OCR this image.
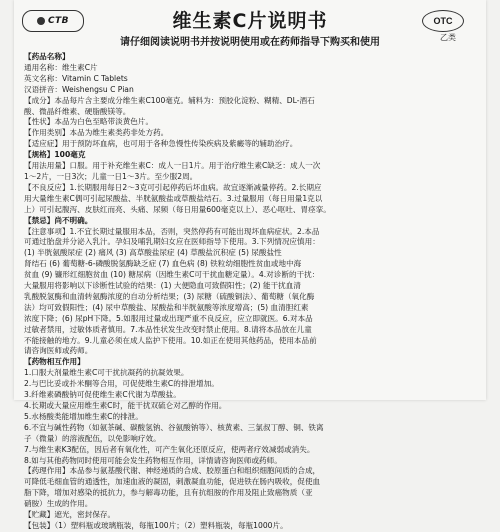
CTB	维生素C片说明书
请仔细阅读说明书并按说明使用或在药师指导下购买和使用
OTC
乙类

【药品名称】

通用名称：维生素C片

英文名称：Vitamin C Tablets

汉语拼音：Weishengsu C Pian

【成分】本品每片含主要成分维生素C100毫克。辅料为：预胶化淀粉、糊精、DL-酒石

酸、微晶纤维素、硬脂酸镁等。

【性状】本品为白色至略带淡黄色片。

【作用类别】本品为维生素类药非处方药。

【适应症】用于预防坏血病，也可用于各种急慢性传染疾病及紫癜等的辅助治疗。

【规格】100毫克

【用法用量】口服。用于补充维生素C：成人一日1片。用于治疗维生素C缺乏：成人一次

1～2片，一日3次；儿童一日1～3片。至少服2周。

【不良反应】1.长期服用每日2～3克可引起停药后坏血病。故宜逐渐减量停药。2.长期应

用大量维生素C偶可引起尿酸盐、半胱氨酸盐或草酸盐结石。3.过量服用（每日用量1克以

上）可引起腹泻、皮肤红而亮、头痛、尿频（每日用量600毫克以上）、恶心呕吐、胃痉挛。

【禁忌】尚不明确。

【注意事项】1.不宜长期过量服用本品，否则，突然停药有可能出现坏血病症状。2.本品

可通过胎盘并分泌入乳汁。孕妇及哺乳期妇女应在医师指导下使用。3.下列情况应慎用：

(1) 半胱氨酸尿症 (2) 痛风 (3) 高草酸盐尿症 (4) 草酸盐沉积症 (5) 尿酸盐性

肾结石 (6) 葡萄糖-6-磷酸脱氢酶缺乏症 (7) 血色病 (8) 铁粒幼细胞性贫血或地中海

贫血 (9) 镰形红细胞贫血 (10) 糖尿病（因维生素C可干扰血糖定量）。4.对诊断的干扰：

大量服用将影响以下诊断性试验的结果：(1) 大便隐血可致假阳性；(2) 能干扰血清

乳酸脱氢酶和血清转氨酶浓度的自动分析结果；(3) 尿糖（硫酸铜法）、葡萄糖（氧化酶

法）均可致假阳性；(4) 尿中草酸盐、尿酸盐和半胱氨酸等浓度增高；(5) 血清胆红素

浓度下降；(6) 尿pH下降。5.如服用过量或出现严重不良反应，应立即就医。6.对本品

过敏者禁用，过敏体质者慎用。7.本品性状发生改变时禁止使用。8.请将本品放在儿童

不能接触的地方。9.儿童必须在成人监护下使用。10.如正在使用其他药品，使用本品前

请咨询医师或药师。

【药物相互作用】

1.口服大剂量维生素C可干扰抗凝药的抗凝效果。

2.与巴比妥或扑米酮等合用，可促使维生素C的排泄增加。

3.纤维素磷酸钠可促使维生素C代谢为草酸盐。

4.长期或大量应用维生素C时，能干扰双硫仑对乙醇的作用。

5.水杨酸类能增加维生素C的排泄。

6.不宜与碱性药物（如氨茶碱、碳酸氢钠、谷氨酸钠等）、核黄素、三氯叔丁醇、铜、铁离

子（微量）的溶液配伍，以免影响疗效。

7.与维生素K3配伍，因后者有氧化性，可产生氧化还原反应，使两者疗效减弱或消失。

8.如与其他药物同时使用可能会发生药物相互作用，详情请咨询医师或药师。

【药理作用】本品参与氨基酸代谢、神经递质的合成、胶原蛋白和组织细胞间质的合成，

可降低毛细血管的通透性，加速血液的凝固，刺激凝血功能，促进铁在肠内吸收，促使血

脂下降，增加对感染的抵抗力，参与解毒功能，且有抗组胺的作用及阻止致癌物质（亚

硝胺）生成的作用。

【贮藏】遮光，密封保存。

【包装】（1）塑料瓶或玻璃瓶装，每瓶100片；（2）塑料瓶装，每瓶1000片。
